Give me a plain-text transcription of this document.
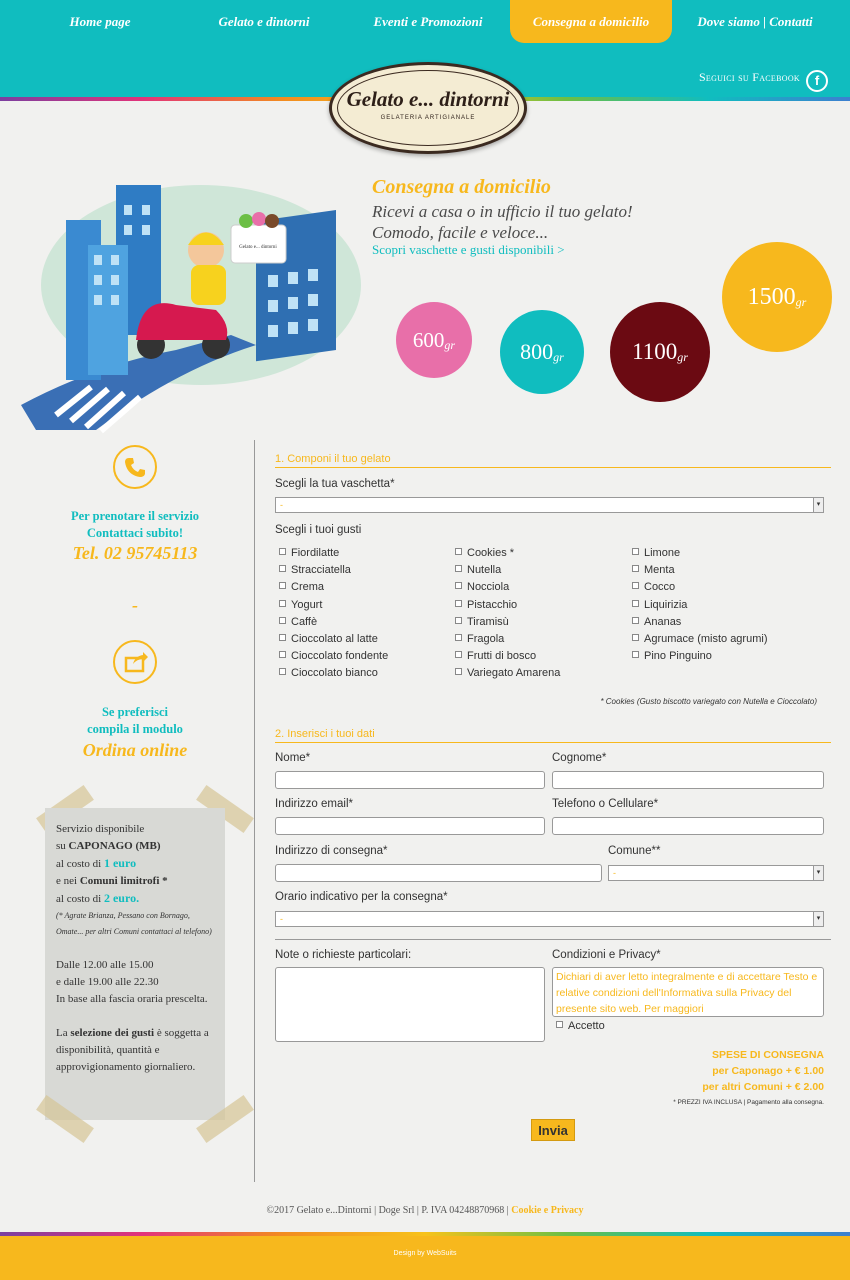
Home page	Gelato e dintorni	Eventi e Promozioni	Consegna a domicilio	Dove siamo | Contatti
Seguici su Facebook	f
Gelato e... dintorni
GELATERIA ARTIGIANALE
Gelato e... dintorni
Consegna a domicilio
Ricevi a casa o in ufficio il tuo gelato!
Comodo, facile e veloce...
Scopri vaschette e gusti disponibili >
$600_{gr}$	$800_{gr}$	$1100_{gr}$
$1500_{gr}$
Per prenotare il servizio
Contattaci subito!
Tel. 02 95745113
-
Se preferisci
compila il modulo
Ordina online
Servizio disponibile
su CAPONAGO (MB)
al costo di 1 euro
e nei Comuni limitrofi *
al costo di 2 euro.
(* Agrate Brianza, Pessano con Bornago, Omate... per altri Comuni contattaci al telefono)
Dalle 12.00 alle 15.00
e dalle 19.00 alle 22.30
In base alla fascia oraria prescelta.
La selezione dei gusti è soggetta a disponibilità, quantità e approvigionamento giornaliero.
1. Componi il tuo gelato
Scegli la tua vaschetta*
-	▾
Scegli i tuoi gusti
Fiordilatte
Stracciatella
Crema
Yogurt
Caffè
Cioccolato al latte
Cioccolato fondente
Cioccolato bianco
Cookies *
Nutella
Nocciola
Pistacchio
Tiramisù
Fragola
Frutti di bosco
Variegato Amarena
Limone
Menta
Cocco
Liquirizia
Ananas
Agrumace (misto agrumi)
Pino Pinguino
* Cookies (Gusto biscotto variegato con Nutella e Cioccolato)
2. Inserisci i tuoi dati
Nome*	Cognome*
Indirizzo email*	Telefono o Cellulare*
Indirizzo di consegna*	Comune**
-	▾
Orario indicativo per la consegna*
-	▾
Note o richieste particolari:	Condizioni e Privacy*
Dichiari di aver letto integralmente e di accettare Testo e relative condizioni dell'Informativa sulla Privacy del presente sito web. Per maggiori
Accetto
SPESE DI CONSEGNA
per Caponago + € 1.00
per altri Comuni + € 2.00
* PREZZI IVA INCLUSA | Pagamento alla consegna.
Invia
©2017 Gelato e...Dintorni | Doge Srl | P. IVA 04248870968 | Cookie e Privacy
Design by WebSuits
